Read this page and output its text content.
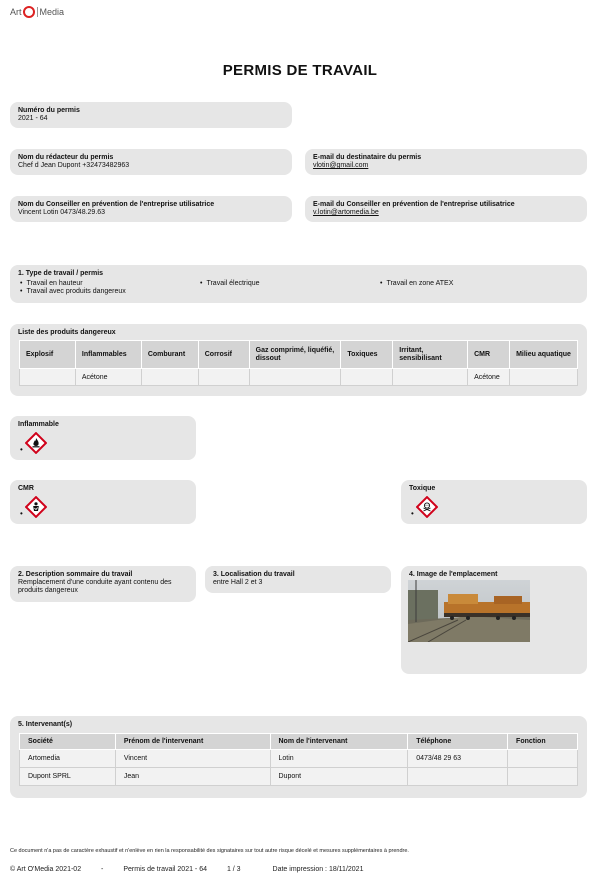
Art Media
PERMIS DE TRAVAIL
Numéro du permis
2021 - 64
Nom du rédacteur du permis
Chef d Jean Dupont +32473482963
E-mail du destinataire du permis
vlotin@gmail.com
Nom du Conseiller en prévention de l'entreprise utilisatrice
Vincent Lotin 0473/48.29.63
E-mail du Conseiller en prévention de l'entreprise utilisatrice
v.lotin@artomedia.be
1. Type de travail / permis
• Travail en hauteur
• Travail avec produits dangereux
• Travail électrique	• Travail en zone ATEX
Liste des produits dangereux
Explosif	Inflammables	Comburant	Corrosif	Gaz comprimé, liquéfié, dissout	Toxiques	Irritant, sensibilisant	CMR	Milieu aquatique
	Acétone						Acétone	
Inflammable
•
CMR
•
Toxique
•
2. Description sommaire du travail
Remplacement d'une conduite ayant contenu des produits dangereux
3. Localisation du travail
entre Hall 2 et 3
4. Image de l'emplacement
5. Intervenant(s)
Société	Prénom de l'intervenant	Nom de l'intervenant	Téléphone	Fonction
Artomedia	Vincent	Lotin	0473/48 29 63	
Dupont SPRL	Jean	Dupont		
Ce document n'a pas de caractère exhaustif et n'enlève en rien la responsabilité des signataires sur tout autre risque décelé et mesures supplémentaires à prendre.
© Art O'Media 2021-02	-	Permis de travail 2021 - 64	1 / 3	Date impression : 18/11/2021
